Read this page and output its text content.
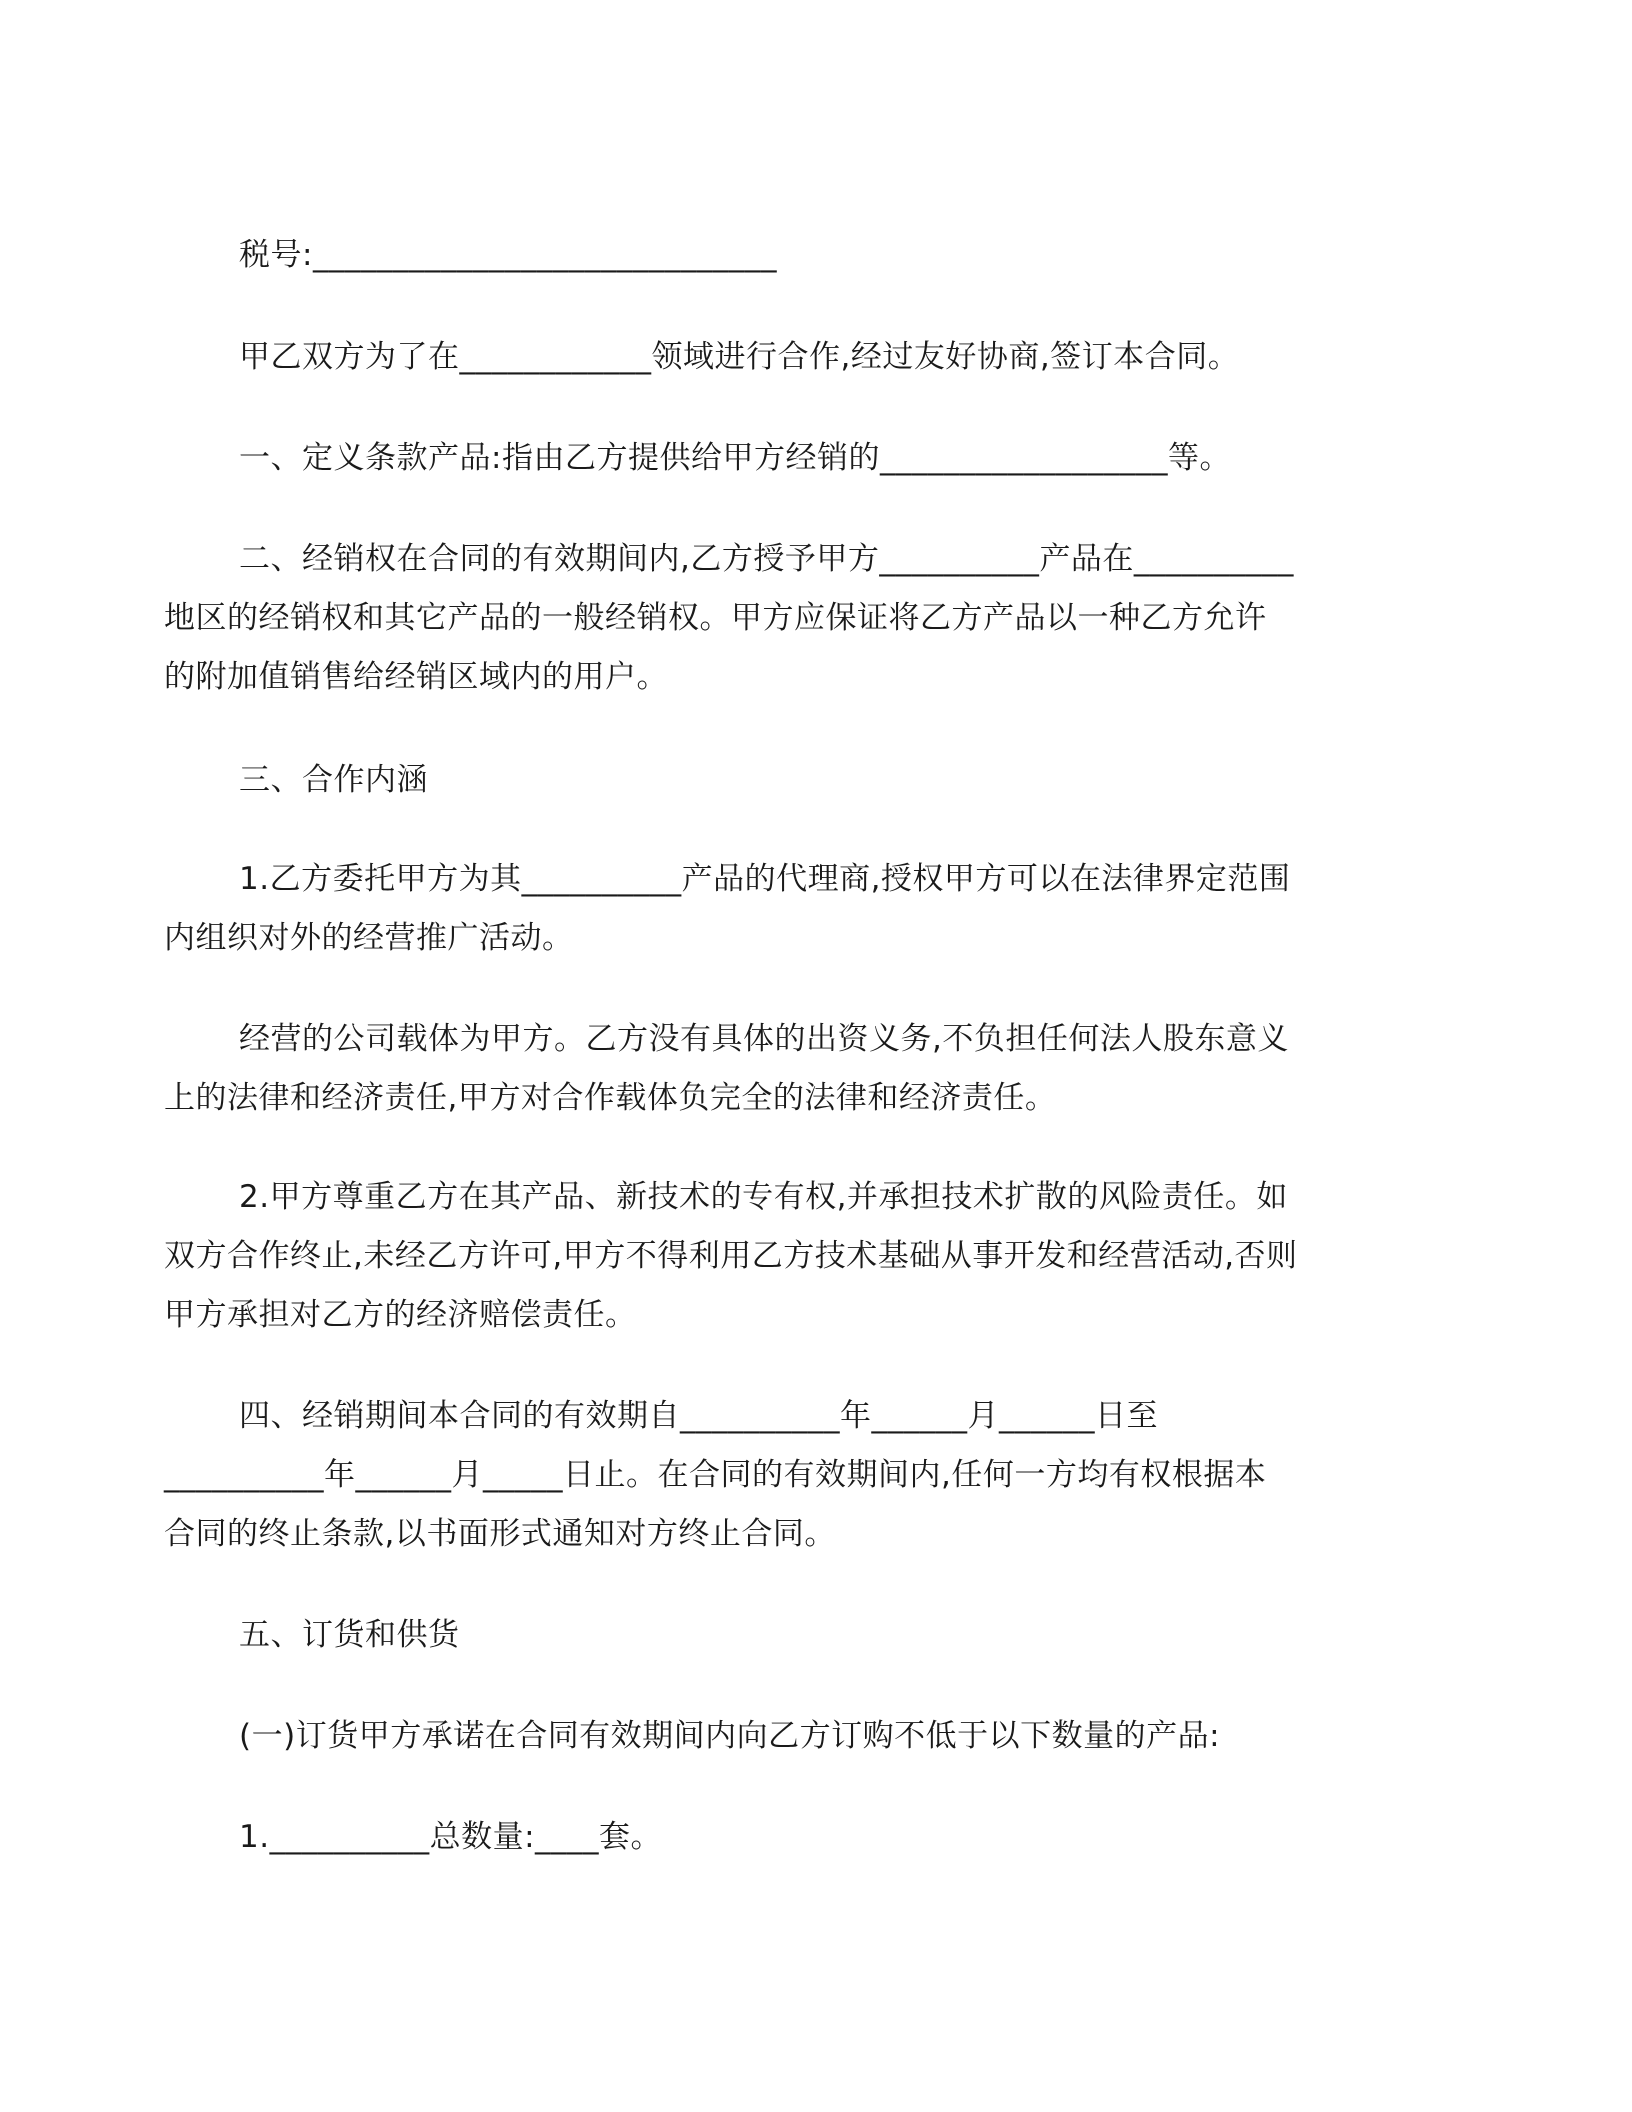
税号:_____________________________

甲乙双方为了在____________领域进行合作,经过友好协商,签订本合同。

一、定义条款产品:指由乙方提供给甲方经销的__________________等。

二、经销权在合同的有效期间内,乙方授予甲方__________产品在__________
地区的经销权和其它产品的一般经销权。甲方应保证将乙方产品以一种乙方允许
的附加值销售给经销区域内的用户。

三、合作内涵

1.乙方委托甲方为其__________产品的代理商,授权甲方可以在法律界定范围
内组织对外的经营推广活动。

经营的公司载体为甲方。乙方没有具体的出资义务,不负担任何法人股东意义
上的法律和经济责任,甲方对合作载体负完全的法律和经济责任。

2.甲方尊重乙方在其产品、新技术的专有权,并承担技术扩散的风险责任。如
双方合作终止,未经乙方许可,甲方不得利用乙方技术基础从事开发和经营活动,否则
甲方承担对乙方的经济赔偿责任。

四、经销期间本合同的有效期自__________年______月______日至
__________年______月_____日止。在合同的有效期间内,任何一方均有权根据本
合同的终止条款,以书面形式通知对方终止合同。

五、订货和供货

(一)订货甲方承诺在合同有效期间内向乙方订购不低于以下数量的产品:

1.__________总数量:____套。
